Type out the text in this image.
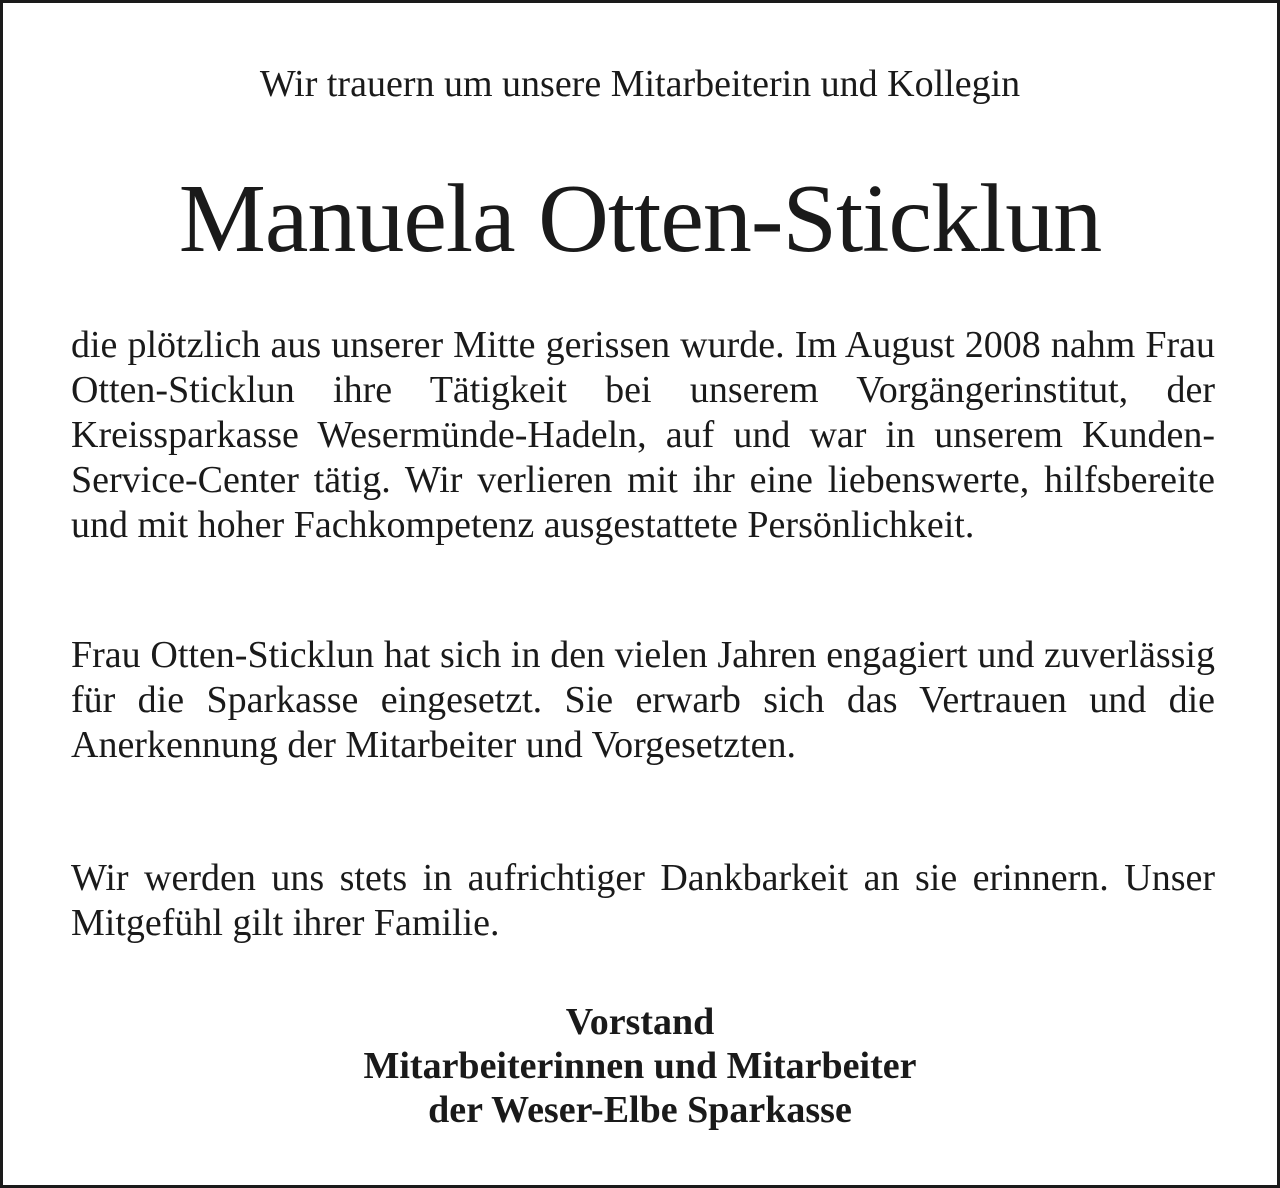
Wir trauern um unsere Mitarbeiterin und Kollegin
Manuela Otten-Sticklun

die plötzlich aus unserer Mitte gerissen wurde. Im August 2008 nahm Frau Otten-Sticklun ihre Tätigkeit bei unserem Vorgängerinstitut, der Kreissparkasse Wesermünde-Hadeln, auf und war in unserem Kunden-Service-Center tätig. Wir verlieren mit ihr eine liebenswerte, hilfsbereite und mit hoher Fachkompetenz ausgestattete Persönlichkeit.

Frau Otten-Sticklun hat sich in den vielen Jahren engagiert und zuverlässig für die Sparkasse eingesetzt. Sie erwarb sich das Vertrauen und die Anerkennung der Mitarbeiter und Vorgesetzten.

Wir werden uns stets in aufrichtiger Dankbarkeit an sie erinnern. Unser Mitgefühl gilt ihrer Familie.

Vorstand
Mitarbeiterinnen und Mitarbeiter
der Weser-Elbe Sparkasse
